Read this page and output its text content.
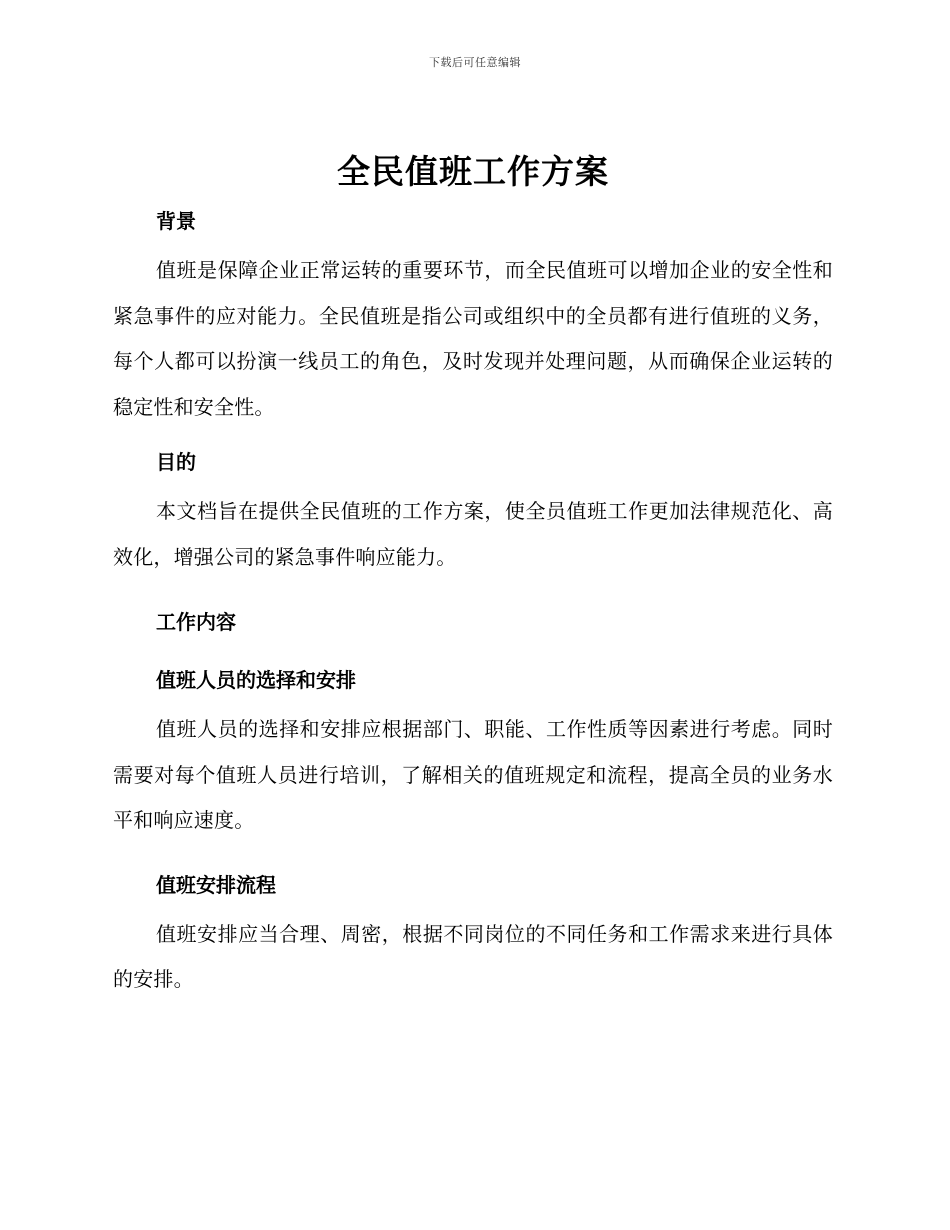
下载后可任意编辑
全民值班工作方案

背景

值班是保障企业正常运转的重要环节，而全民值班可以增加企业的安全性和紧急事件的应对能力。全民值班是指公司或组织中的全员都有进行值班的义务，每个人都可以扮演一线员工的角色，及时发现并处理问题，从而确保企业运转的稳定性和安全性。

目的

本文档旨在提供全民值班的工作方案，使全员值班工作更加法律规范化、高效化，增强公司的紧急事件响应能力。

工作内容

值班人员的选择和安排

值班人员的选择和安排应根据部门、职能、工作性质等因素进行考虑。同时需要对每个值班人员进行培训，了解相关的值班规定和流程，提高全员的业务水平和响应速度。

值班安排流程

值班安排应当合理、周密，根据不同岗位的不同任务和工作需求来进行具体的安排。
